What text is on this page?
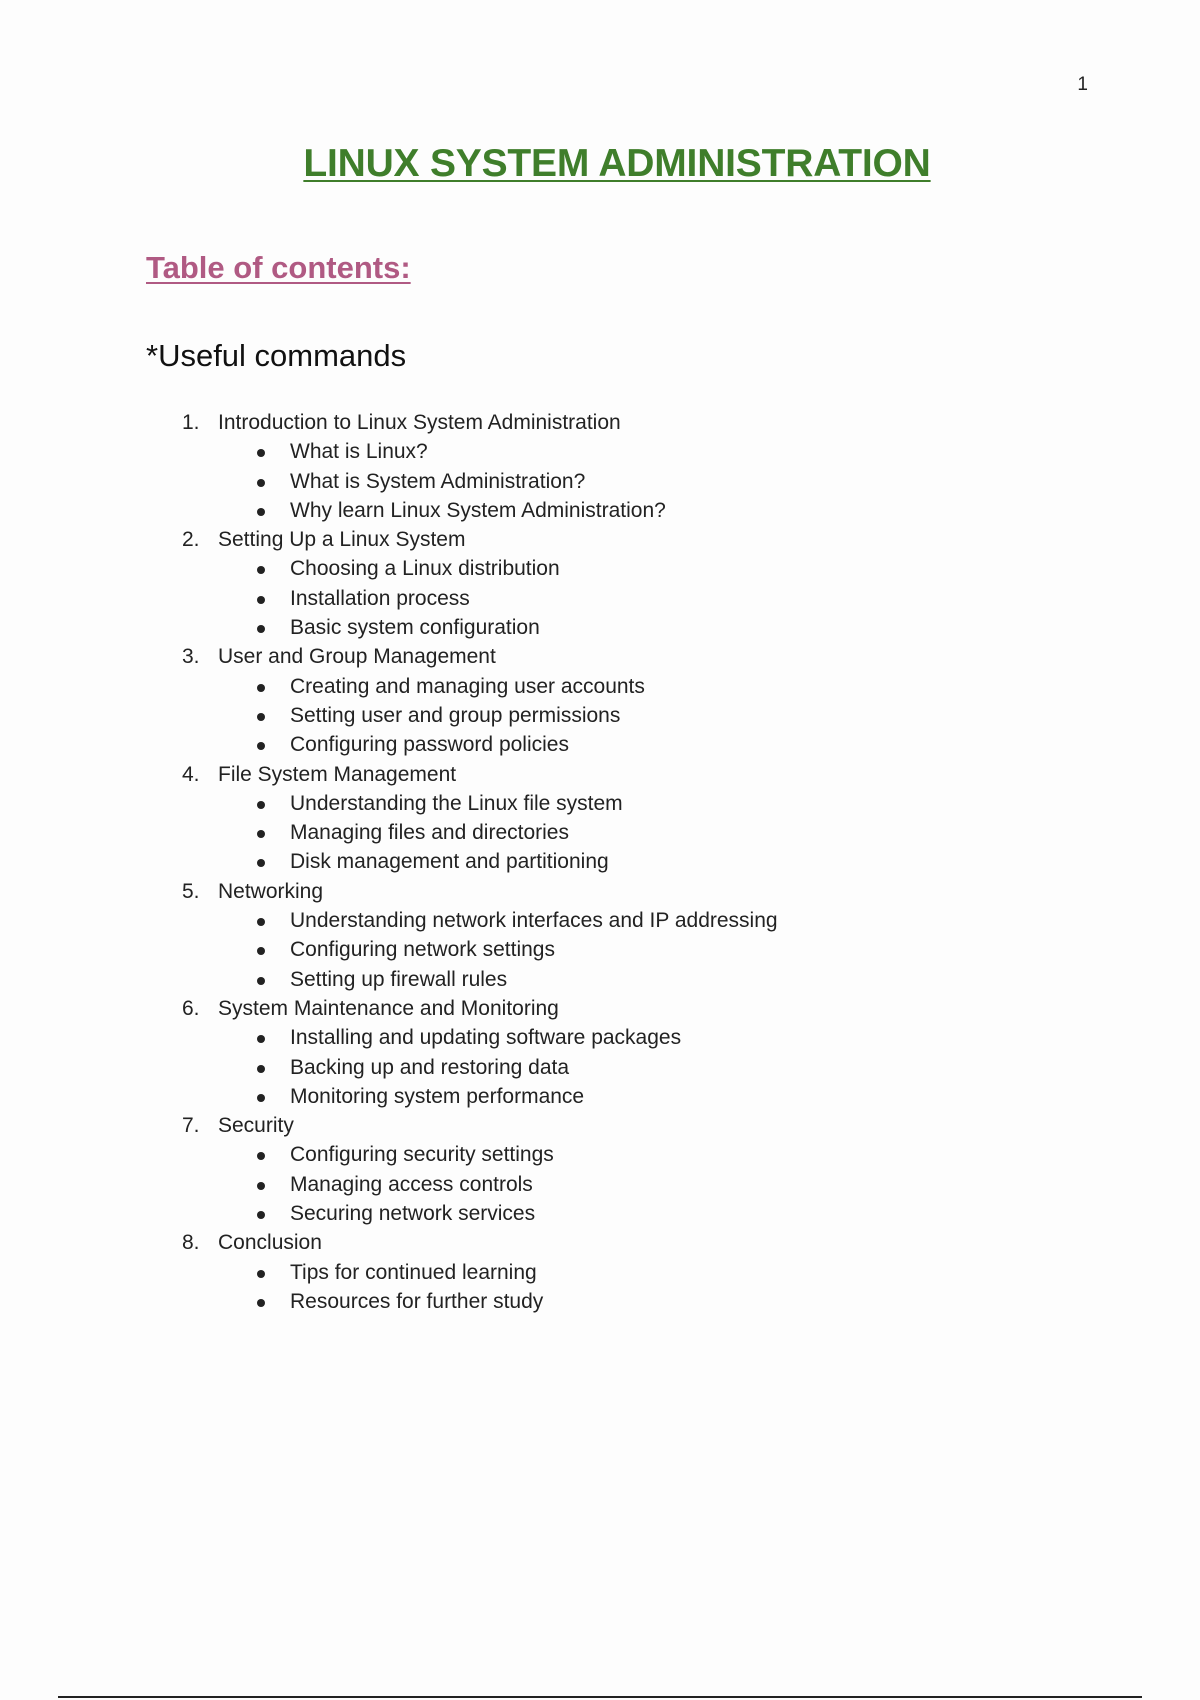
1
LINUX SYSTEM ADMINISTRATION
Table of contents:
*Useful commands
1. Introduction to Linux System Administration
What is Linux?
What is System Administration?
Why learn Linux System Administration?
2. Setting Up a Linux System
Choosing a Linux distribution
Installation process
Basic system configuration
3. User and Group Management
Creating and managing user accounts
Setting user and group permissions
Configuring password policies
4. File System Management
Understanding the Linux file system
Managing files and directories
Disk management and partitioning
5. Networking
Understanding network interfaces and IP addressing
Configuring network settings
Setting up firewall rules
6. System Maintenance and Monitoring
Installing and updating software packages
Backing up and restoring data
Monitoring system performance
7. Security
Configuring security settings
Managing access controls
Securing network services
8. Conclusion
Tips for continued learning
Resources for further study
